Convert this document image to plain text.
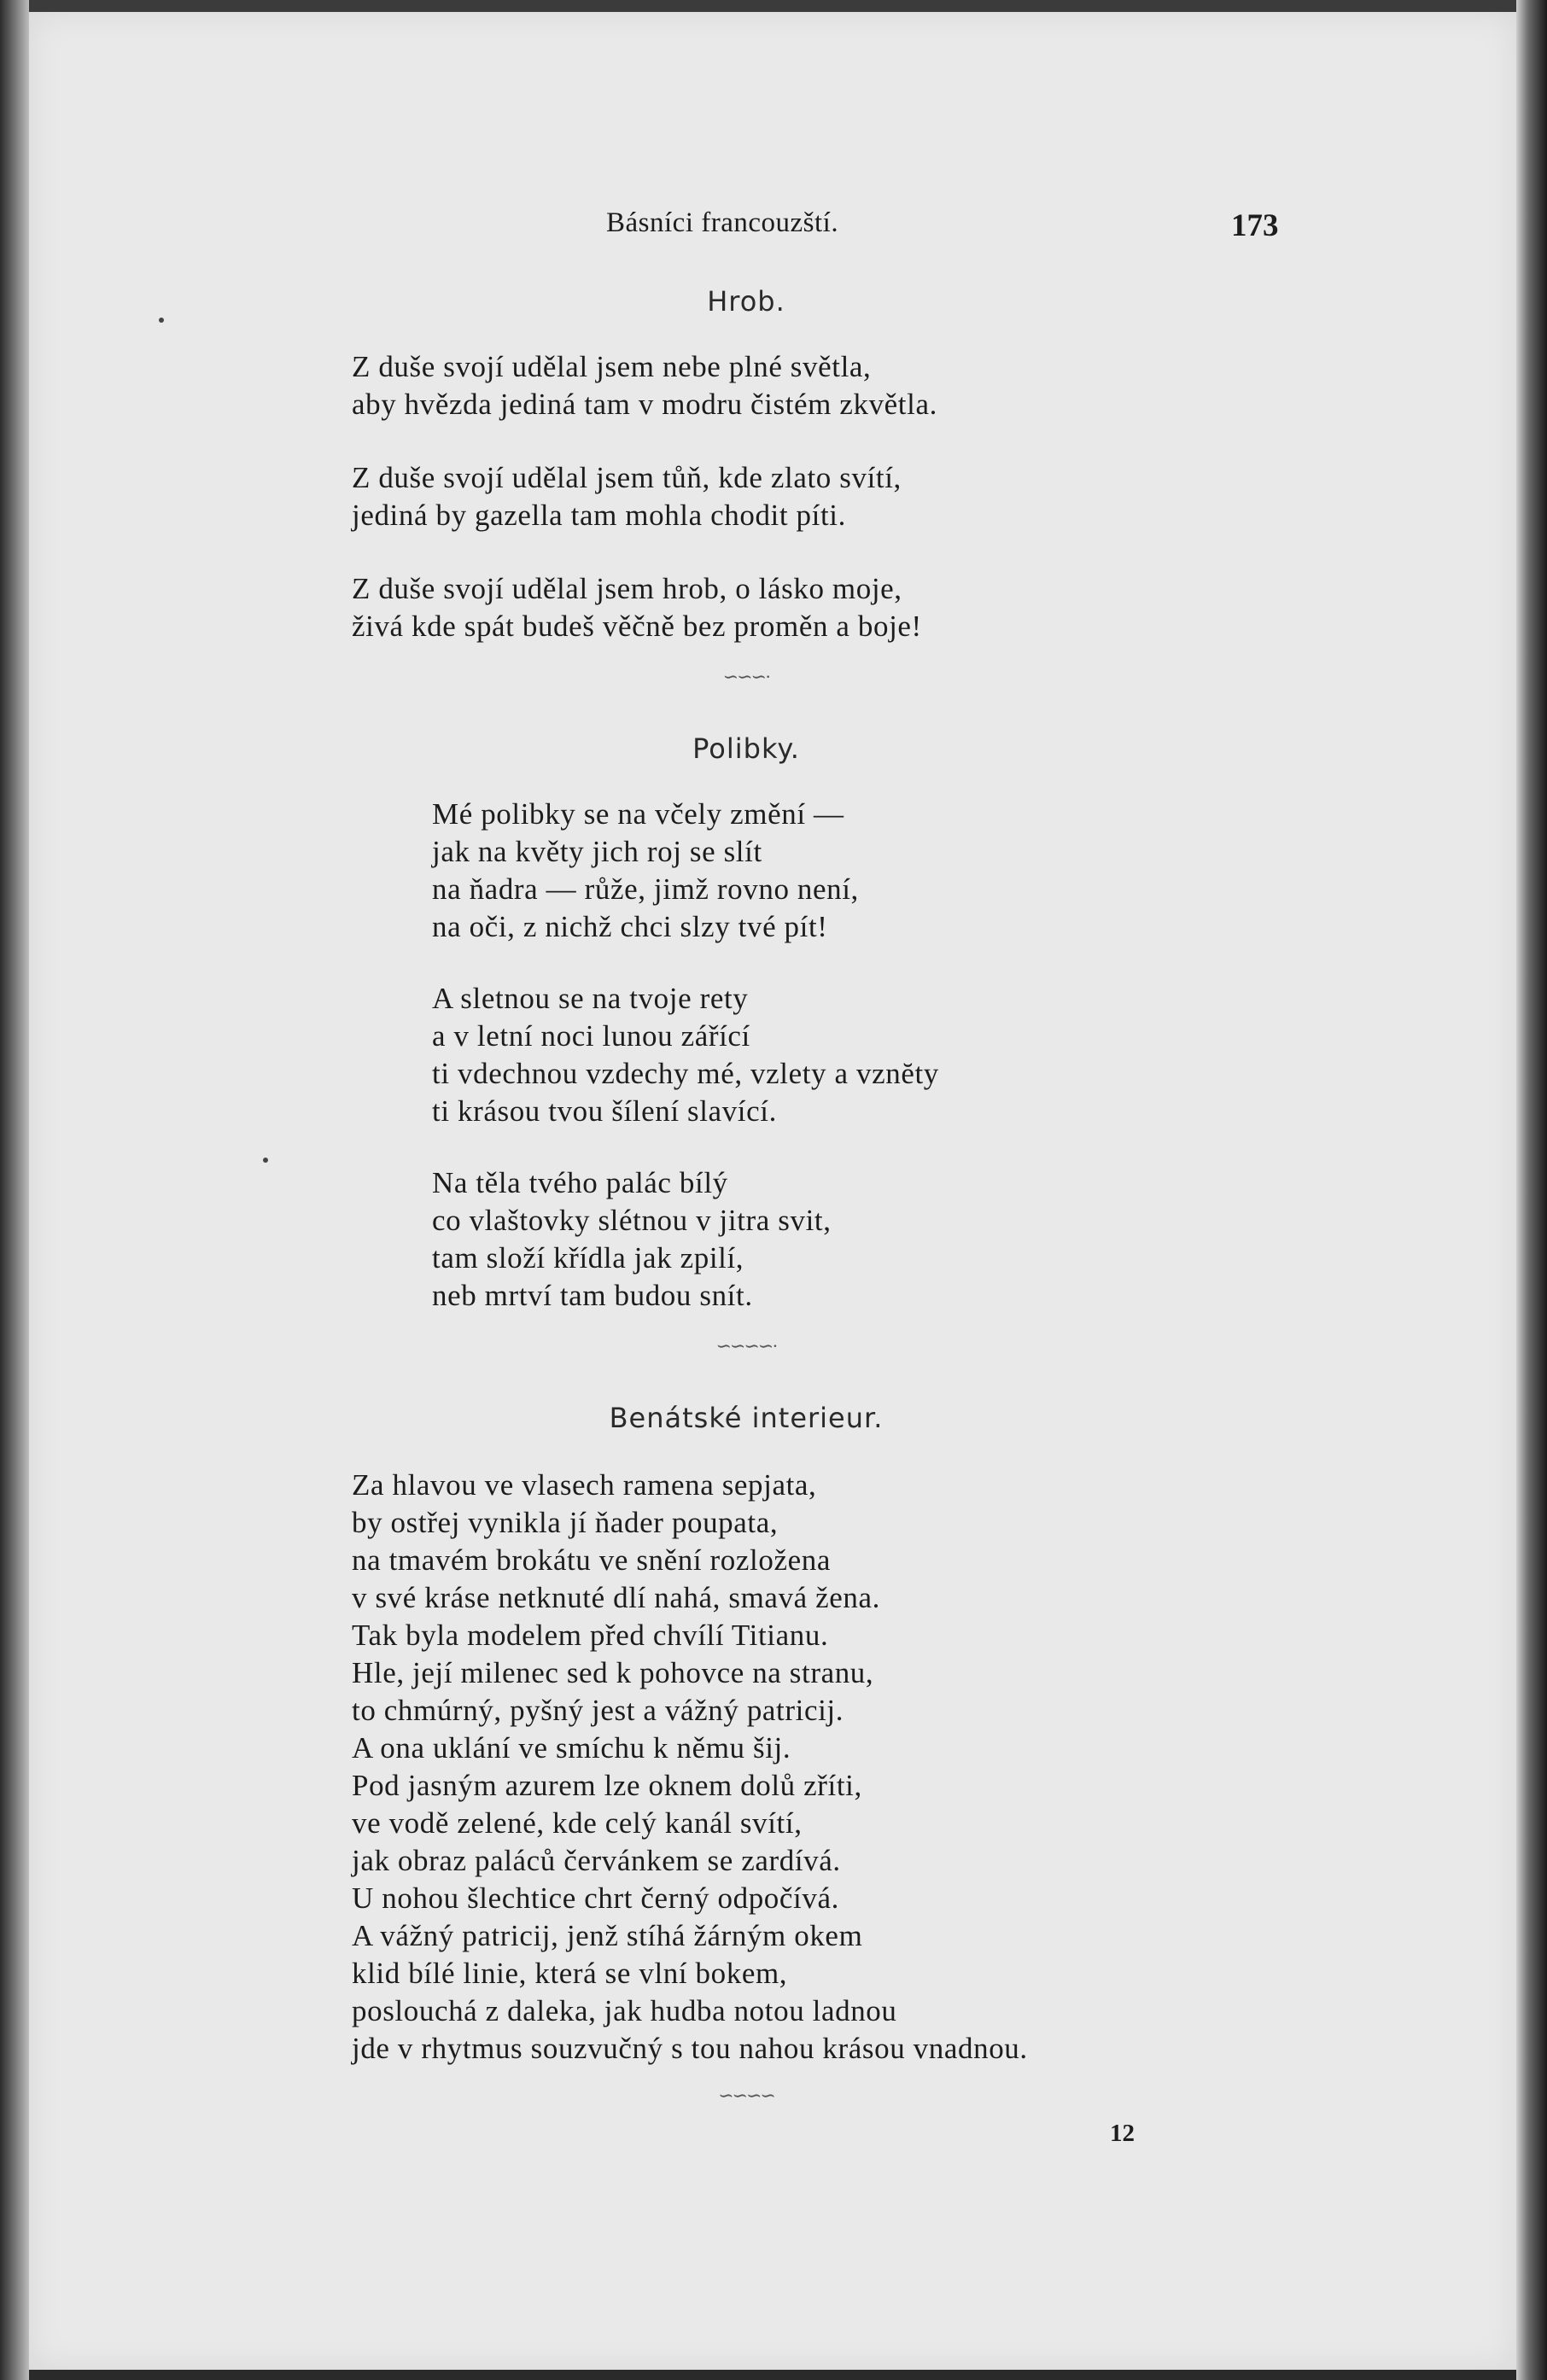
Básníci francouzští.	173
Hrob.
Z duše svojí udělal jsem nebe plné světla,
aby hvězda jediná tam v modru čistém zkvětla.
Z duše svojí udělal jsem tůň, kde zlato svítí,
jediná by gazella tam mohla chodit píti.
Z duše svojí udělal jsem hrob, o lásko moje,
živá kde spát budeš věčně bez proměn a boje!
∽∽∽·
Polibky.
Mé polibky se na včely změní —
jak na květy jich roj se slít
na ňadra — růže, jimž rovno není,
na oči, z nichž chci slzy tvé pít!
A sletnou se na tvoje rety
a v letní noci lunou zářící
ti vdechnou vzdechy mé, vzlety a vznĕty
ti krásou tvou šílení slavící.
Na těla tvého palác bílý
co vlaštovky slétnou v jitra svit,
tam složí křídla jak zpilí,
neb mrtví tam budou snít.
∽∽∽∽·
Benátské interieur.
Za hlavou ve vlasech ramena sepjata,
by ostřej vynikla jí ňader poupata,
na tmavém brokátu ve snění rozložena
v své kráse netknuté dlí nahá, smavá žena.
Tak byla modelem před chvílí Titianu.
Hle, její milenec sed k pohovce na stranu,
to chmúrný, pyšný jest a vážný patricij.
A ona uklání ve smíchu k němu šij.
Pod jasným azurem lze oknem dolů zříti,
ve vodě zelené, kde celý kanál svítí,
jak obraz paláců červánkem se zardívá.
U nohou šlechtice chrt černý odpočívá.
A vážný patricij, jenž stíhá žárným okem
klid bílé linie, která se vlní bokem,
poslouchá z daleka, jak hudba notou ladnou
jde v rhytmus souzvučný s tou nahou krásou vnadnou.
∽∽∽∽
12
